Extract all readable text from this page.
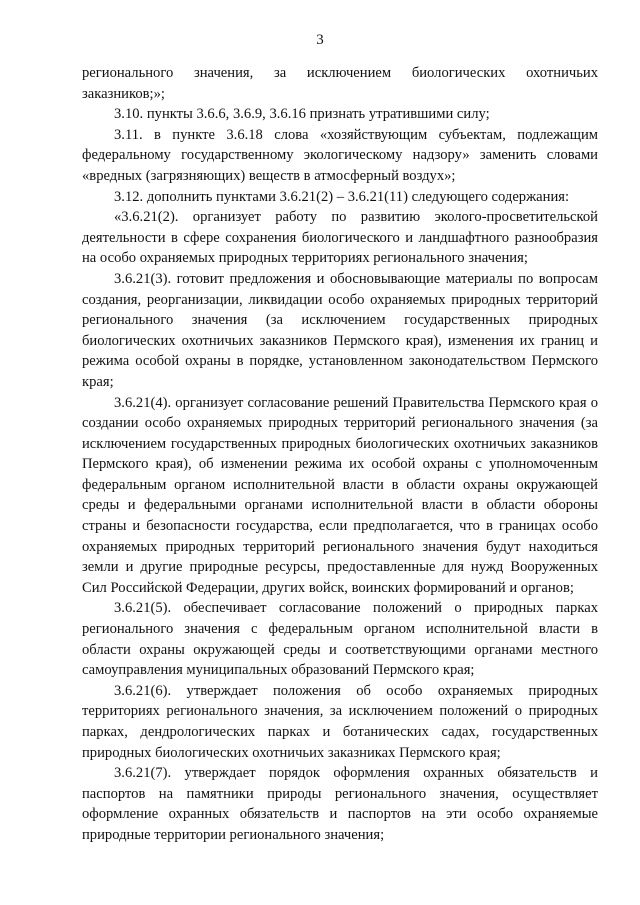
3

регионального значения, за исключением биологических охотничьих заказников;»;

3.10. пункты 3.6.6, 3.6.9, 3.6.16 признать утратившими силу;

3.11. в пункте 3.6.18 слова «хозяйствующим субъектам, подлежащим федеральному государственному экологическому надзору» заменить словами «вредных (загрязняющих) веществ в атмосферный воздух»;

3.12. дополнить пунктами 3.6.21(2) – 3.6.21(11) следующего содержания:

«3.6.21(2). организует работу по развитию эколого-просветительской деятельности в сфере сохранения биологического и ландшафтного разнообразия на особо охраняемых природных территориях регионального значения;

3.6.21(3). готовит предложения и обосновывающие материалы по вопросам создания, реорганизации, ликвидации особо охраняемых природных территорий регионального значения (за исключением государственных природных биологических охотничьих заказников Пермского края), изменения их границ и режима особой охраны в порядке, установленном законодательством Пермского края;

3.6.21(4). организует согласование решений Правительства Пермского края о создании особо охраняемых природных территорий регионального значения (за исключением государственных природных биологических охотничьих заказников Пермского края), об изменении режима их особой охраны с уполномоченным федеральным органом исполнительной власти в области охраны окружающей среды и федеральными органами исполнительной власти в области обороны страны и безопасности государства, если предполагается, что в границах особо охраняемых природных территорий регионального значения будут находиться земли и другие природные ресурсы, предоставленные для нужд Вооруженных Сил Российской Федерации, других войск, воинских формирований и органов;

3.6.21(5). обеспечивает согласование положений о природных парках регионального значения с федеральным органом исполнительной власти в области охраны окружающей среды и соответствующими органами местного самоуправления муниципальных образований Пермского края;

3.6.21(6). утверждает положения об особо охраняемых природных территориях регионального значения, за исключением положений о природных парках, дендрологических парках и ботанических садах, государственных природных биологических охотничьих заказниках Пермского края;

3.6.21(7). утверждает порядок оформления охранных обязательств и паспортов на памятники природы регионального значения, осуществляет оформление охранных обязательств и паспортов на эти особо охраняемые природные территории регионального значения;
